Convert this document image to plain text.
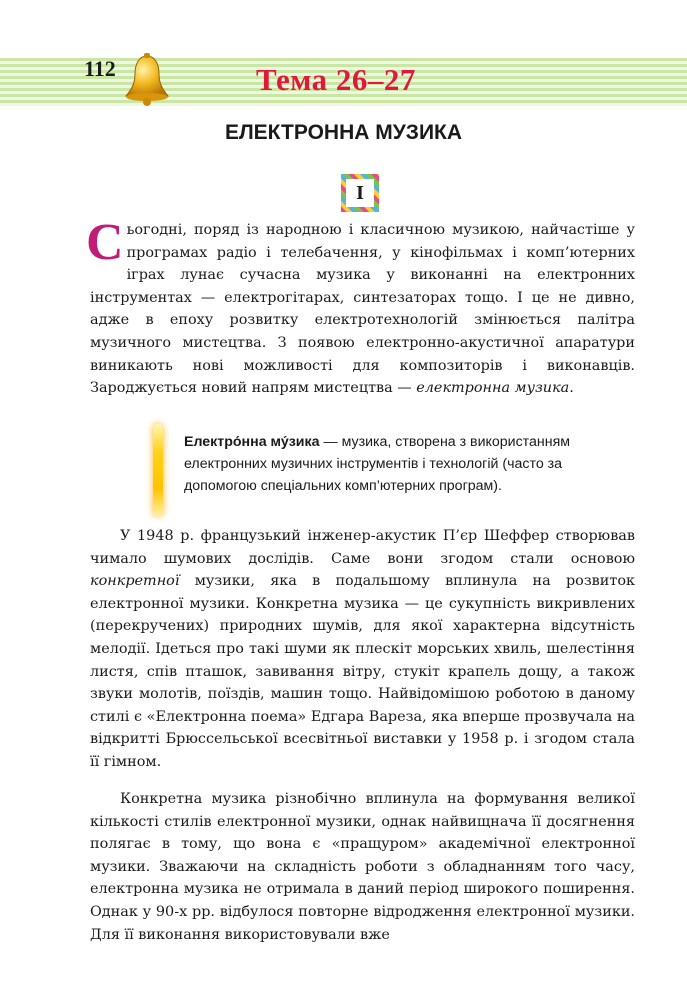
112	Тема 26–27
ЕЛЕКТРОННА МУЗИКА
I

Сьогодні, поряд із народною і класичною музикою, найчастіше у програмах радіо і телебачення, у кінофільмах і комп’ютерних іграх лунає сучасна музика у виконанні на електронних інструментах — електрогітарах, синтезаторах тощо. І це не дивно, адже в епоху розвитку електротехнологій змінюється палітра музичного мистецтва. З появою електронно-акустичної апаратури виникають нові можливості для композиторів і виконавців. Зароджується новий напрям мистецтва — електронна музика.

Електро́нна му́зика — музика, створена з використанням електронних музичних інструментів і технологій (часто за допомогою спеціальних комп’ютерних програм).

У 1948 р. французький інженер-акустик П’єр Шеффер створював чимало шумових дослідів. Саме вони згодом стали основою конкретної музики, яка в подальшому вплинула на розвиток електронної музики. Конкретна музика — це сукупність викривлених (перекручених) природних шумів, для якої характерна відсутність мелодії. Ідеться про такі шуми як плескіт морських хвиль, шелестіння листя, спів пташок, завивання вітру, стукіт крапель дощу, а також звуки молотів, поїздів, машин тощо. Найвідомішою роботою в даному стилі є «Електронна поема» Едгара Вареза, яка вперше прозвучала на відкритті Брюссельської всесвітньої виставки у 1958 р. і згодом стала її гімном.

Конкретна музика різнобічно вплинула на формування великої кількості стилів електронної музики, однак найвищнача її досягнення полягає в тому, що вона є «пращуром» академічної електронної музики. Зважаючи на складність роботи з обладнанням того часу, електронна музика не отримала в даний період широкого поширення. Однак у 90-х рр. відбулося повторне відродження електронної музики. Для її виконання використовували вже
